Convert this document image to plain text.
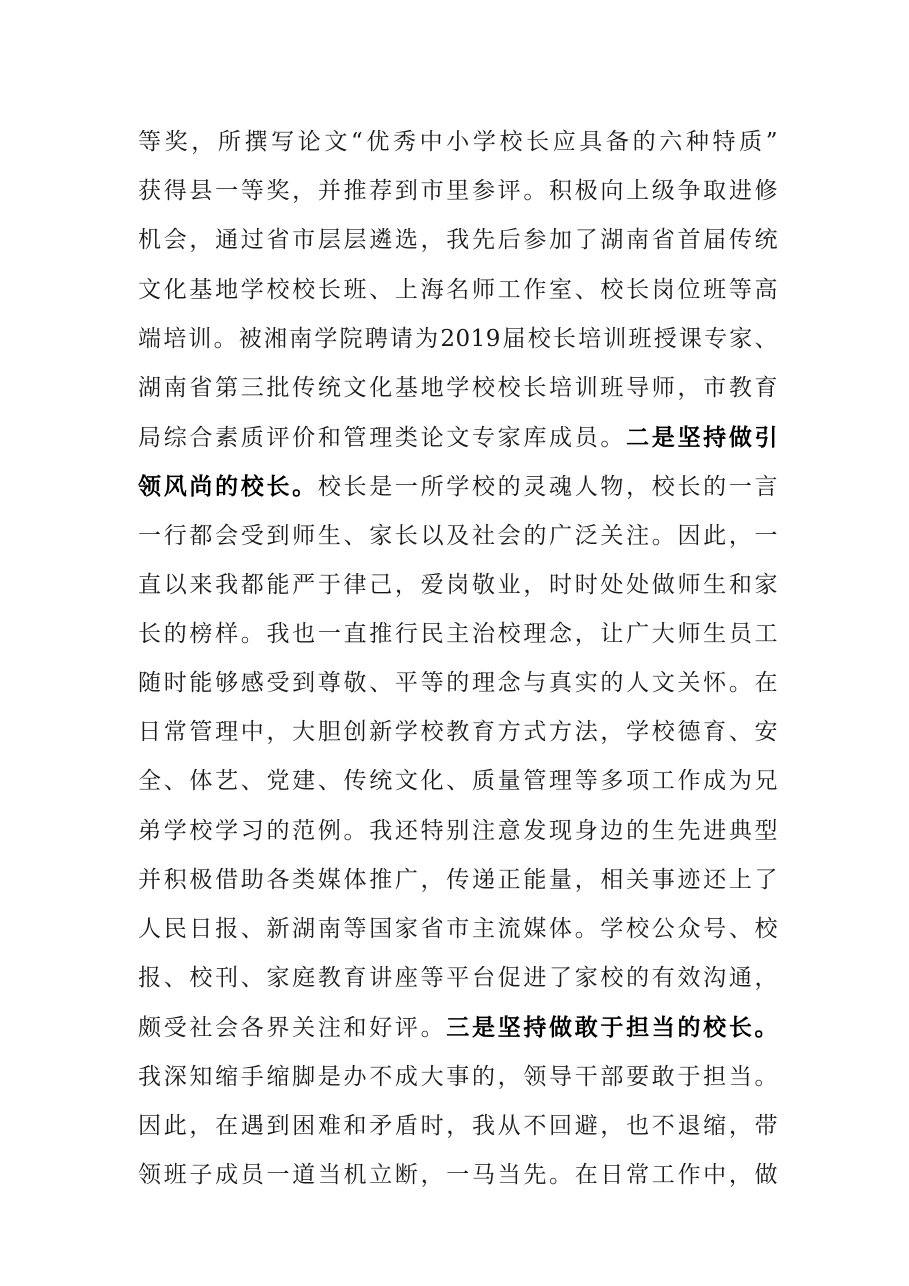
等奖，所撰写论文“优秀中小学校长应具备的六种特质”
获得县一等奖，并推荐到市里参评。积极向上级争取进修
机会，通过省市层层遴选，我先后参加了湖南省首届传统
文化基地学校校长班、上海名师工作室、校长岗位班等高
端培训。被湘南学院聘请为2019届校长培训班授课专家、
湖南省第三批传统文化基地学校校长培训班导师，市教育
局综合素质评价和管理类论文专家库成员。二是坚持做引
领风尚的校长。校长是一所学校的灵魂人物，校长的一言
一行都会受到师生、家长以及社会的广泛关注。因此，一
直以来我都能严于律己，爱岗敬业，时时处处做师生和家
长的榜样。我也一直推行民主治校理念，让广大师生员工
随时能够感受到尊敬、平等的理念与真实的人文关怀。在
日常管理中，大胆创新学校教育方式方法，学校德育、安
全、体艺、党建、传统文化、质量管理等多项工作成为兄
弟学校学习的范例。我还特别注意发现身边的生先进典型
并积极借助各类媒体推广，传递正能量，相关事迹还上了
人民日报、新湖南等国家省市主流媒体。学校公众号、校
报、校刊、家庭教育讲座等平台促进了家校的有效沟通，
颇受社会各界关注和好评。三是坚持做敢于担当的校长。
我深知缩手缩脚是办不成大事的，领导干部要敢于担当。
因此，在遇到困难和矛盾时，我从不回避，也不退缩，带
领班子成员一道当机立断，一马当先。在日常工作中，做
